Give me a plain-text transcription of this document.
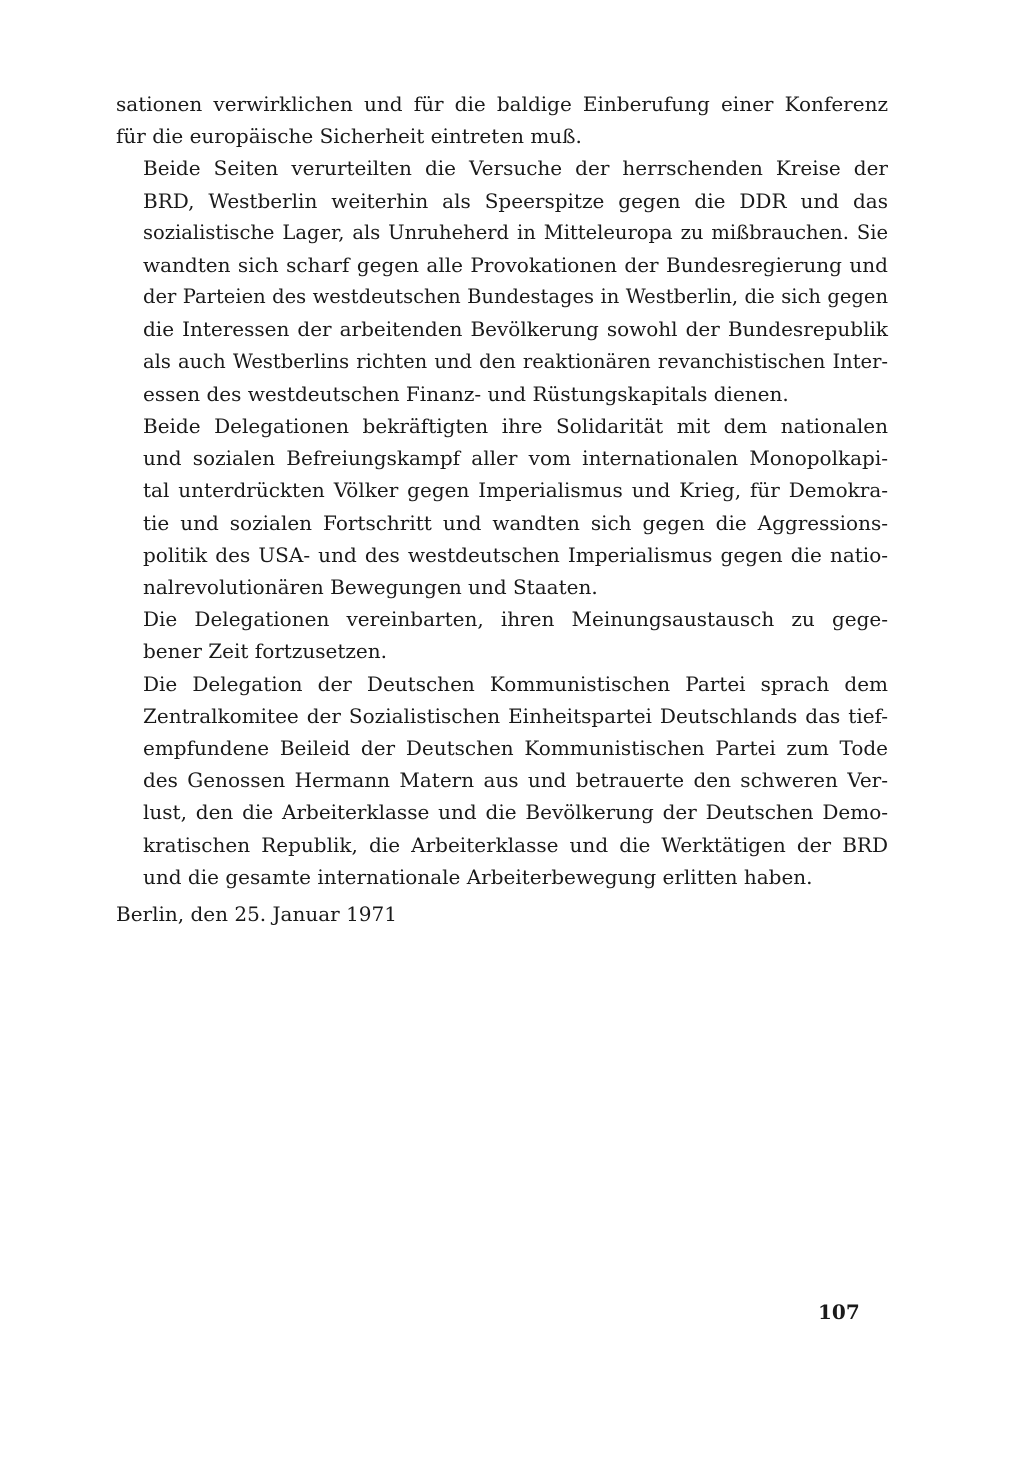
sationen verwirklichen und für die baldige Einberufung einer Konferenz
für die europäische Sicherheit eintreten muß.

Beide Seiten verurteilten die Versuche der herrschenden Kreise der
BRD, Westberlin weiterhin als Speerspitze gegen die DDR und das
sozialistische Lager, als Unruheherd in Mitteleuropa zu mißbrauchen. Sie
wandten sich scharf gegen alle Provokationen der Bundesregierung und
der Parteien des westdeutschen Bundestages in Westberlin, die sich gegen
die Interessen der arbeitenden Bevölkerung sowohl der Bundesrepublik
als auch Westberlins richten und den reaktionären revanchistischen Inter-
essen des westdeutschen Finanz- und Rüstungskapitals dienen.

Beide Delegationen bekräftigten ihre Solidarität mit dem nationalen
und sozialen Befreiungskampf aller vom internationalen Monopolkapi-
tal unterdrückten Völker gegen Imperialismus und Krieg, für Demokra-
tie und sozialen Fortschritt und wandten sich gegen die Aggressions-
politik des USA- und des westdeutschen Imperialismus gegen die natio-
nalrevolutionären Bewegungen und Staaten.

Die Delegationen vereinbarten, ihren Meinungsaustausch zu gege-
bener Zeit fortzusetzen.

Die Delegation der Deutschen Kommunistischen Partei sprach dem
Zentralkomitee der Sozialistischen Einheitspartei Deutschlands das tief-
empfundene Beileid der Deutschen Kommunistischen Partei zum Tode
des Genossen Hermann Matern aus und betrauerte den schweren Ver-
lust, den die Arbeiterklasse und die Bevölkerung der Deutschen Demo-
kratischen Republik, die Arbeiterklasse und die Werktätigen der BRD
und die gesamte internationale Arbeiterbewegung erlitten haben.

Berlin, den 25. Januar 1971
107
